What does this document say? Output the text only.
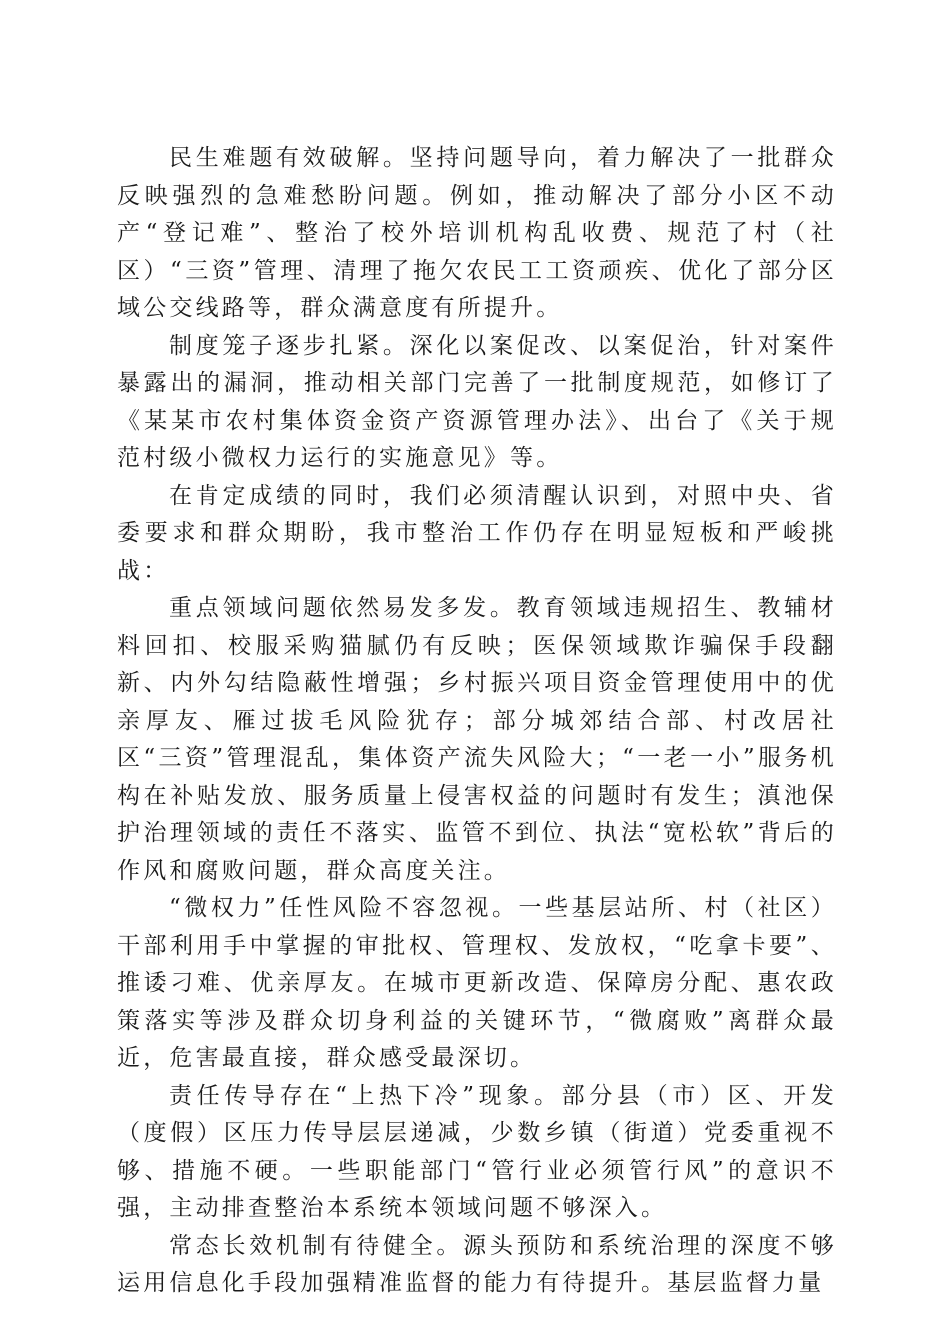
民生难题有效破解。坚持问题导向，着力解决了一批群众反映强烈的急难愁盼问题。例如，推动解决了部分小区不动产“登记难”、整治了校外培训机构乱收费、规范了村（社区）“三资”管理、清理了拖欠农民工工资顽疾、优化了部分区域公交线路等，群众满意度有所提升。

制度笼子逐步扎紧。深化以案促改、以案促治，针对案件暴露出的漏洞，推动相关部门完善了一批制度规范，如修订了《某某市农村集体资金资产资源管理办法》、出台了《关于规范村级小微权力运行的实施意见》等。

在肯定成绩的同时，我们必须清醒认识到，对照中央、省委要求和群众期盼，我市整治工作仍存在明显短板和严峻挑战：

重点领域问题依然易发多发。教育领域违规招生、教辅材料回扣、校服采购猫腻仍有反映；医保领域欺诈骗保手段翻新、内外勾结隐蔽性增强；乡村振兴项目资金管理使用中的优亲厚友、雁过拔毛风险犹存；部分城郊结合部、村改居社区“三资”管理混乱，集体资产流失风险大；“一老一小”服务机构在补贴发放、服务质量上侵害权益的问题时有发生；滇池保护治理领域的责任不落实、监管不到位、执法“宽松软”背后的作风和腐败问题，群众高度关注。

“微权力”任性风险不容忽视。一些基层站所、村（社区）干部利用手中掌握的审批权、管理权、发放权，“吃拿卡要”、推诿刁难、优亲厚友。在城市更新改造、保障房分配、惠农政策落实等涉及群众切身利益的关键环节，“微腐败”离群众最近，危害最直接，群众感受最深切。

责任传导存在“上热下冷”现象。部分县（市）区、开发（度假）区压力传导层层递减，少数乡镇（街道）党委重视不够、措施不硬。一些职能部门“管行业必须管行风”的意识不强，主动排查整治本系统本领域问题不够深入。

常态长效机制有待健全。源头预防和系统治理的深度不够运用信息化手段加强精准监督的能力有待提升。基层监督力量
